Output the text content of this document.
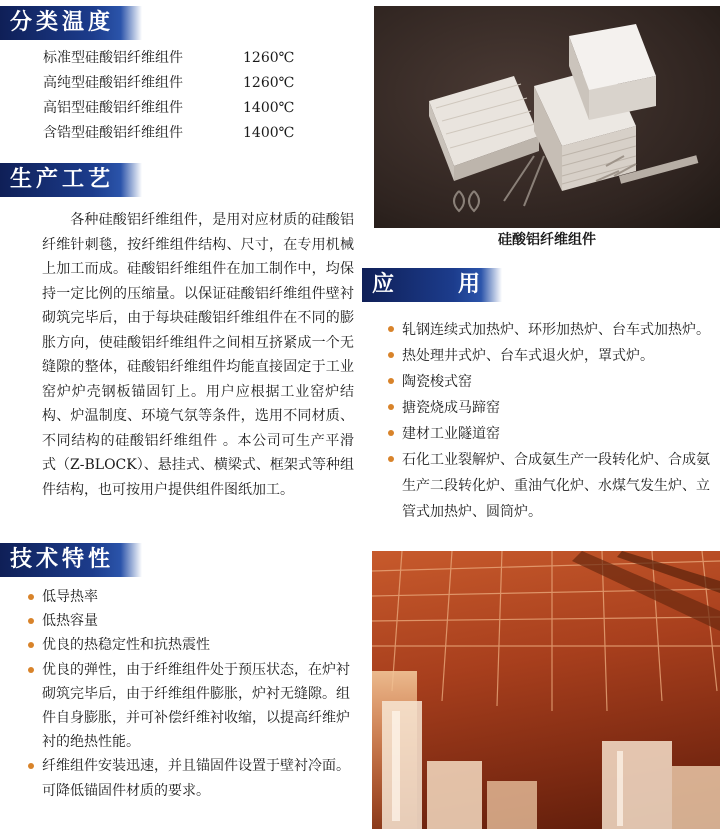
分类温度
标准型硅酸铝纤维组件	1260℃
高纯型硅酸铝纤维组件	1260℃
高铝型硅酸铝纤维组件	1400℃
含锆型硅酸铝纤维组件	1400℃
生产工艺
各种硅酸铝纤维组件，是用对应材质的硅酸铝纤维针刺毯，按纤维组件结构、尺寸，在专用机械上加工而成。硅酸铝纤维组件在加工制作中，均保持一定比例的压缩量。以保证硅酸铝纤维组件壁衬砌筑完毕后，由于每块硅酸铝纤维组件在不同的膨胀方向，使硅酸铝纤维组件之间相互挤紧成一个无缝隙的整体，硅酸铝纤维组件均能直接固定于工业窑炉炉壳钢板锚固钉上。用户应根据工业窑炉结构、炉温制度、环境气氛等条件，选用不同材质、不同结构的硅酸铝纤维组件 。本公司可生产平滑式（Z-BLOCK）、悬挂式、横梁式、框架式等种组件结构，也可按用户提供组件图纸加工。
技术特性
低导热率
低热容量
优良的热稳定性和抗热震性
优良的弹性，由于纤维组件处于预压状态，在炉衬砌筑完毕后，由于纤维组件膨胀，炉衬无缝隙。组件自身膨胀，并可补偿纤维衬收缩，以提高纤维炉衬的绝热性能。
纤维组件安装迅速，并且锚固件设置于壁衬冷面。可降低锚固件材质的要求。
硅酸铝纤维组件
应	用
轧钢连续式加热炉、环形加热炉、台车式加热炉。
热处理井式炉、台车式退火炉，罩式炉。
陶瓷梭式窑
搪瓷烧成马蹄窑
建材工业隧道窑
石化工业裂解炉、合成氨生产一段转化炉、合成氨生产二段转化炉、重油气化炉、水煤气发生炉、立管式加热炉、圆筒炉。
